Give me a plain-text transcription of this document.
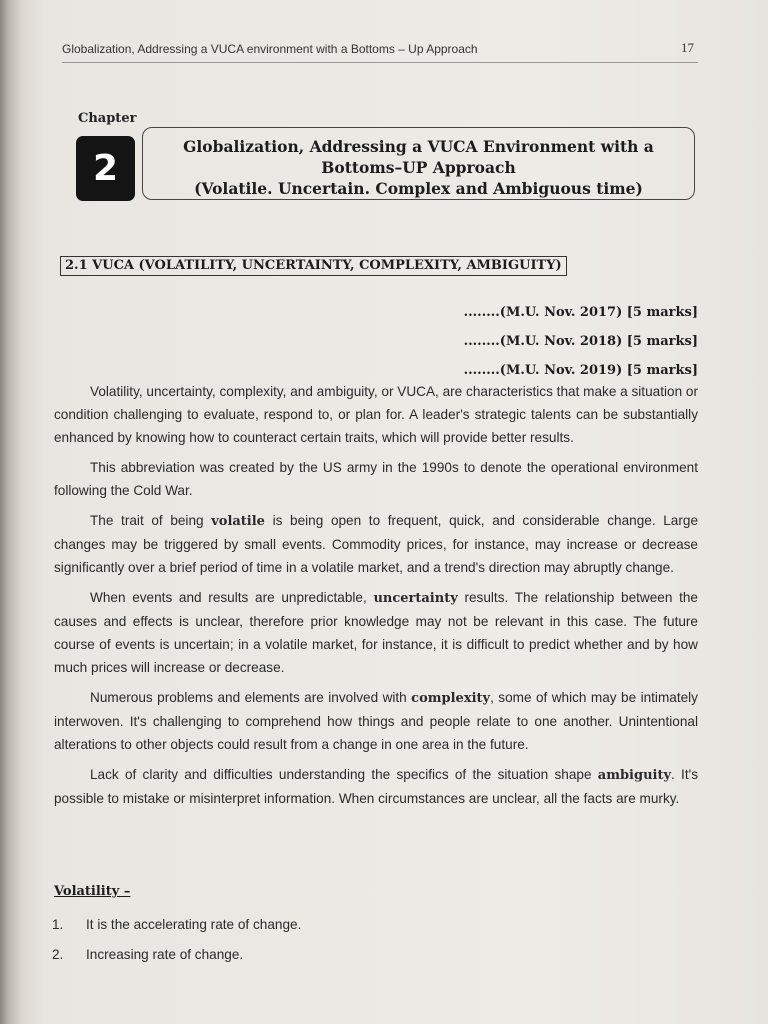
Globalization, Addressing a VUCA environment with a Bottoms – Up Approach	17
Chapter
2
Globalization, Addressing a VUCA Environment with a
Bottoms–UP Approach
(Volatile. Uncertain. Complex and Ambiguous time)
2.1 VUCA (VOLATILITY, UNCERTAINTY, COMPLEXITY, AMBIGUITY)
........(M.U. Nov. 2017) [5 marks]
........(M.U. Nov. 2018) [5 marks]
........(M.U. Nov. 2019) [5 marks]

Volatility, uncertainty, complexity, and ambiguity, or VUCA, are characteristics that make a situation or condition challenging to evaluate, respond to, or plan for. A leader's strategic talents can be substantially enhanced by knowing how to counteract certain traits, which will provide better results.

This abbreviation was created by the US army in the 1990s to denote the operational environment following the Cold War.

The trait of being volatile is being open to frequent, quick, and considerable change. Large changes may be triggered by small events. Commodity prices, for instance, may increase or decrease significantly over a brief period of time in a volatile market, and a trend's direction may abruptly change.

When events and results are unpredictable, uncertainty results. The relationship between the causes and effects is unclear, therefore prior knowledge may not be relevant in this case. The future course of events is uncertain; in a volatile market, for instance, it is difficult to predict whether and by how much prices will increase or decrease.

Numerous problems and elements are involved with complexity, some of which may be intimately interwoven. It's challenging to comprehend how things and people relate to one another. Unintentional alterations to other objects could result from a change in one area in the future.

Lack of clarity and difficulties understanding the specifics of the situation shape ambiguity. It's possible to mistake or misinterpret information. When circumstances are unclear, all the facts are murky.

Volatility –
1.	It is the accelerating rate of change.
2.	Increasing rate of change.
